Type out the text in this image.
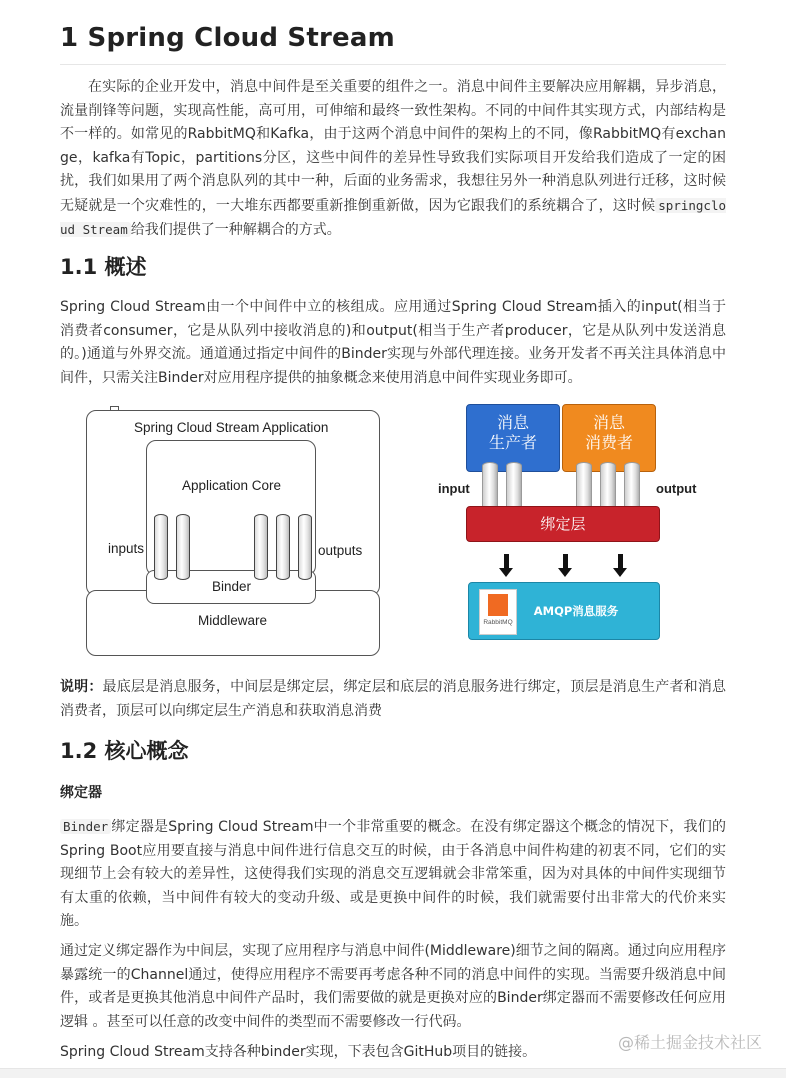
1 Spring Cloud Stream

在实际的企业开发中，消息中间件是至关重要的组件之一。消息中间件主要解决应用解耦，异步消息，流量削锋等问题，实现高性能，高可用，可伸缩和最终一致性架构。不同的中间件其实现方式，内部结构是不一样的。如常见的RabbitMQ和Kafka，由于这两个消息中间件的架构上的不同，像RabbitMQ有exchange，kafka有Topic，partitions分区，这些中间件的差异性导致我们实际项目开发给我们造成了一定的困扰，我们如果用了两个消息队列的其中一种，后面的业务需求，我想往另外一种消息队列进行迁移，这时候无疑就是一个灾难性的，一大堆东西都要重新推倒重新做，因为它跟我们的系统耦合了，这时候 springcloud Stream 给我们提供了一种解耦合的方式。

1.1 概述

Spring Cloud Stream由一个中间件中立的核组成。应用通过Spring Cloud Stream插入的input(相当于消费者consumer，它是从队列中接收消息的)和output(相当于生产者producer，它是从队列中发送消息的。)通道与外界交流。通道通过指定中间件的Binder实现与外部代理连接。业务开发者不再关注具体消息中间件，只需关注Binder对应用程序提供的抽象概念来使用消息中间件实现业务即可。

说明：最底层是消息服务，中间层是绑定层，绑定层和底层的消息服务进行绑定，顶层是消息生产者和消息消费者，顶层可以向绑定层生产消息和获取消息消费

1.2 核心概念
绑定器

Binder 绑定器是Spring Cloud Stream中一个非常重要的概念。在没有绑定器这个概念的情况下，我们的Spring Boot应用要直接与消息中间件进行信息交互的时候，由于各消息中间件构建的初衷不同，它们的实现细节上会有较大的差异性，这使得我们实现的消息交互逻辑就会非常笨重，因为对具体的中间件实现细节有太重的依赖，当中间件有较大的变动升级、或是更换中间件的时候，我们就需要付出非常大的代价来实施。

通过定义绑定器作为中间层，实现了应用程序与消息中间件(Middleware)细节之间的隔离。通过向应用程序暴露统一的Channel通过，使得应用程序不需要再考虑各种不同的消息中间件的实现。当需要升级消息中间件，或者是更换其他消息中间件产品时，我们需要做的就是更换对应的Binder绑定器而不需要修改任何应用逻辑 。甚至可以任意的改变中间件的类型而不需要修改一行代码。

Spring Cloud Stream支持各种binder实现，下表包含GitHub项目的链接。

Spring Cloud Stream Application
Application Core
Middleware
Binder
inputs	outputs
消息
生产者
消息
消费者
input	output
绑定层
RabbitMQ
AMQP消息服务
@稀土掘金技术社区
